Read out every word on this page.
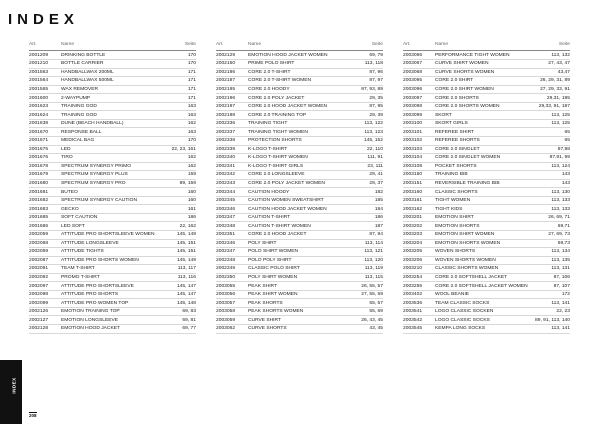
INDEX
Art.	Name	Seite
2001209	DRINKING BOTTLE	170
2001210	BOTTLE CARRIER	170
2001563	HANDBALLWAX 200ML	171
2001564	HANDBALLWAX 500ML	171
2001565	WAX REMOVER	171
2001600	2-WAYPUMP	171
2001623	TRAINING GOD	163
2001624	TRAINING GOD	163
2001638	DUNE (BEACH HANDBALL)	162
2001670	RESPONSE BALL	163
2001671	MEDICAL BAG	170
2001675	LED	22, 23, 161
2001676	TIRO	162
2001678	SPECTRUM SYNERGY PRIMO	162
2001679	SPECTRUM SYNERGY PLUS	159
2001680	SPECTRUM SYNERGY PRO	89, 159
2001681	BUTEO	160
2001682	SPECTRUM SYNERGY CAUTION	160
2001683	GECKO	161
2001685	SOFT CAUTION	186
2001686	LED SOFT	22, 162
2002059	ATTITUDE PRO SHORTSLEEVE WOMEN	145, 149
2002068	ATTITUDE LONGSLEEVE	145, 151
2002069	ATTITUDE TIGHTS	145, 151
2002087	ATTITUDE PRO SHORTS WOMEN	145, 149
2002091	TEAM T-SHIRT	113, 117
2002092	PROMO T-SHIRT	113, 116
2002097	ATTITUDE PRO SHORTSLEEVE	145, 147
2002098	ATTITUDE PRO SHORTS	145, 147
2002099	ATTITUDE PRO WOMEN TOP	145, 148
2002126	EMOTION TRAINING TOP	69, 83
2002127	EMOTION LONGSLEEVE	69, 81
2002128	EMOTION HOOD JACKET	69, 77
Art.	Name	Seite
2002129	EMOTION HOOD JACKET WOMEN	69, 79
2002150	PRIME POLO SHIRT	113, 118
2002186	CORE 2.0 T-SHIRT	87, 96
2002187	CORE 2.0 T-SHIRT WOMEN	87, 97
2002195	CORE 2.0 HOODY	87, 93, 89
2002196	CORE 2.0 POLY JACKET	29, 35
2002197	CORE 2.0 HOOD JACKET WOMEN	87, 95
2002198	CORE 2.0 TRAINING TOP	29, 39
2002336	TRAINING TIGHT	113, 122
2002337	TRAINING TIGHT WOMEN	113, 123
2002338	PROTECTION SHORTS	145, 152
2002339	K-LOGO T-SHIRT	22, 110
2002340	K-LOGO T-SHIRT WOMEN	111, 91
2002341	K-LOGO T-SHIRT GIRLS	23, 111
2002342	CORE 2.0 LONGSLEEVE	29, 41
2002343	CORE 2.0 POLY JACKET WOMEN	29, 37
2002344	CAUTION HOODY	182
2002345	CAUTION WOMEN SWEATSHIRT	185
2002346	CAUTION HOOD JACKET WOMEN	184
2002347	CAUTION T-SHIRT	186
2002348	CAUTION T-SHIRT WOMEN	187
2002351	CORE 2.0 HOOD JACKET	87, 94
2002346	POLY SHIRT	113, 114
2002347	POLO SHIRT WOMEN	113, 121
2002348	POLO POLY SHIRT	113, 120
2002349	CLASSIC POLO SHIRT	113, 119
2002350	POLY SHIRT WOMEN	113, 115
2003055	PEAK SHIRT	26, 55, 57
2003056	PEAK SHIRT WOMEN	27, 55, 59
2003057	PEAK SHORTS	55, 57
2003058	PEAK SHORTS WOMEN	55, 59
2003059	CURVE SHIRT	26, 43, 45
2003062	CURVE SHORTS	43, 45
Art.	Name	Seite
2003066	PERFORMANCE TIGHT WOMEN	113, 132
2003067	CURVE SHIRT WOMEN	27, 43, 47
2003068	CURVE SHORTS WOMEN	43,47
2003095	CORE 2.0 SHIRT	26, 29, 31, 89
2003096	CORE 2.0 SHIRT WOMEN	27, 29, 33, 91
2003097	CORE 2.0 SHORTS	29,31, 195
2003098	CORE 2.0 SHORTS WOMEN	29,33, 91, 197
2003099	SKORT	113, 125
2003100	SKORT GIRLS	113, 125
2003101	REFEREE SHIRT	65
2003102	REFEREE SHORTS	65
2003103	CORE 2.0 SINGLET	87,98
2003104	CORE 2.0 SINGLET WOMEN	87,91, 99
2003108	POCKET SHORTS	113, 124
2003150	TRAINING BIB	143
2003151	REVERSIBLE TRAINING BIB	143
2003160	CLASSIC SHORTS	113, 130
2003161	TIGHT WOMEN	113, 133
2003162	TIGHT KIDS	113, 133
2003201	EMOTION SHIRT	26, 69, 71
2003202	EMOTION SHORTS	69,71
2003203	EMOTION SHIRT WOMEN	27, 69, 73
2003204	EMOTION SHORTS WOMEN	69,73
2003205	WOVEN SHORTS	113, 134
2003206	WOVEN SHORTS WOMEN	113, 135
2003210	CLASSIC SHORTS WOMEN	113, 131
2003254	CORE 2.0 SOFTSHELL JACKET	87, 106
2003255	CORE 2.0 SOFTSHELL JACKET WOMEN	87, 107
2003402	WOOL BEANIE	172
2003536	TEAM CLASSIC SOCKS	113, 141
2003541	LOGO CLASSIC SOCKEN	22, 23
2003542	LOGO CLASSIC SOCKS	89, 91, 113, 140
2003545	KEMPA LONG SOCKS	113, 141
INDEX
208
